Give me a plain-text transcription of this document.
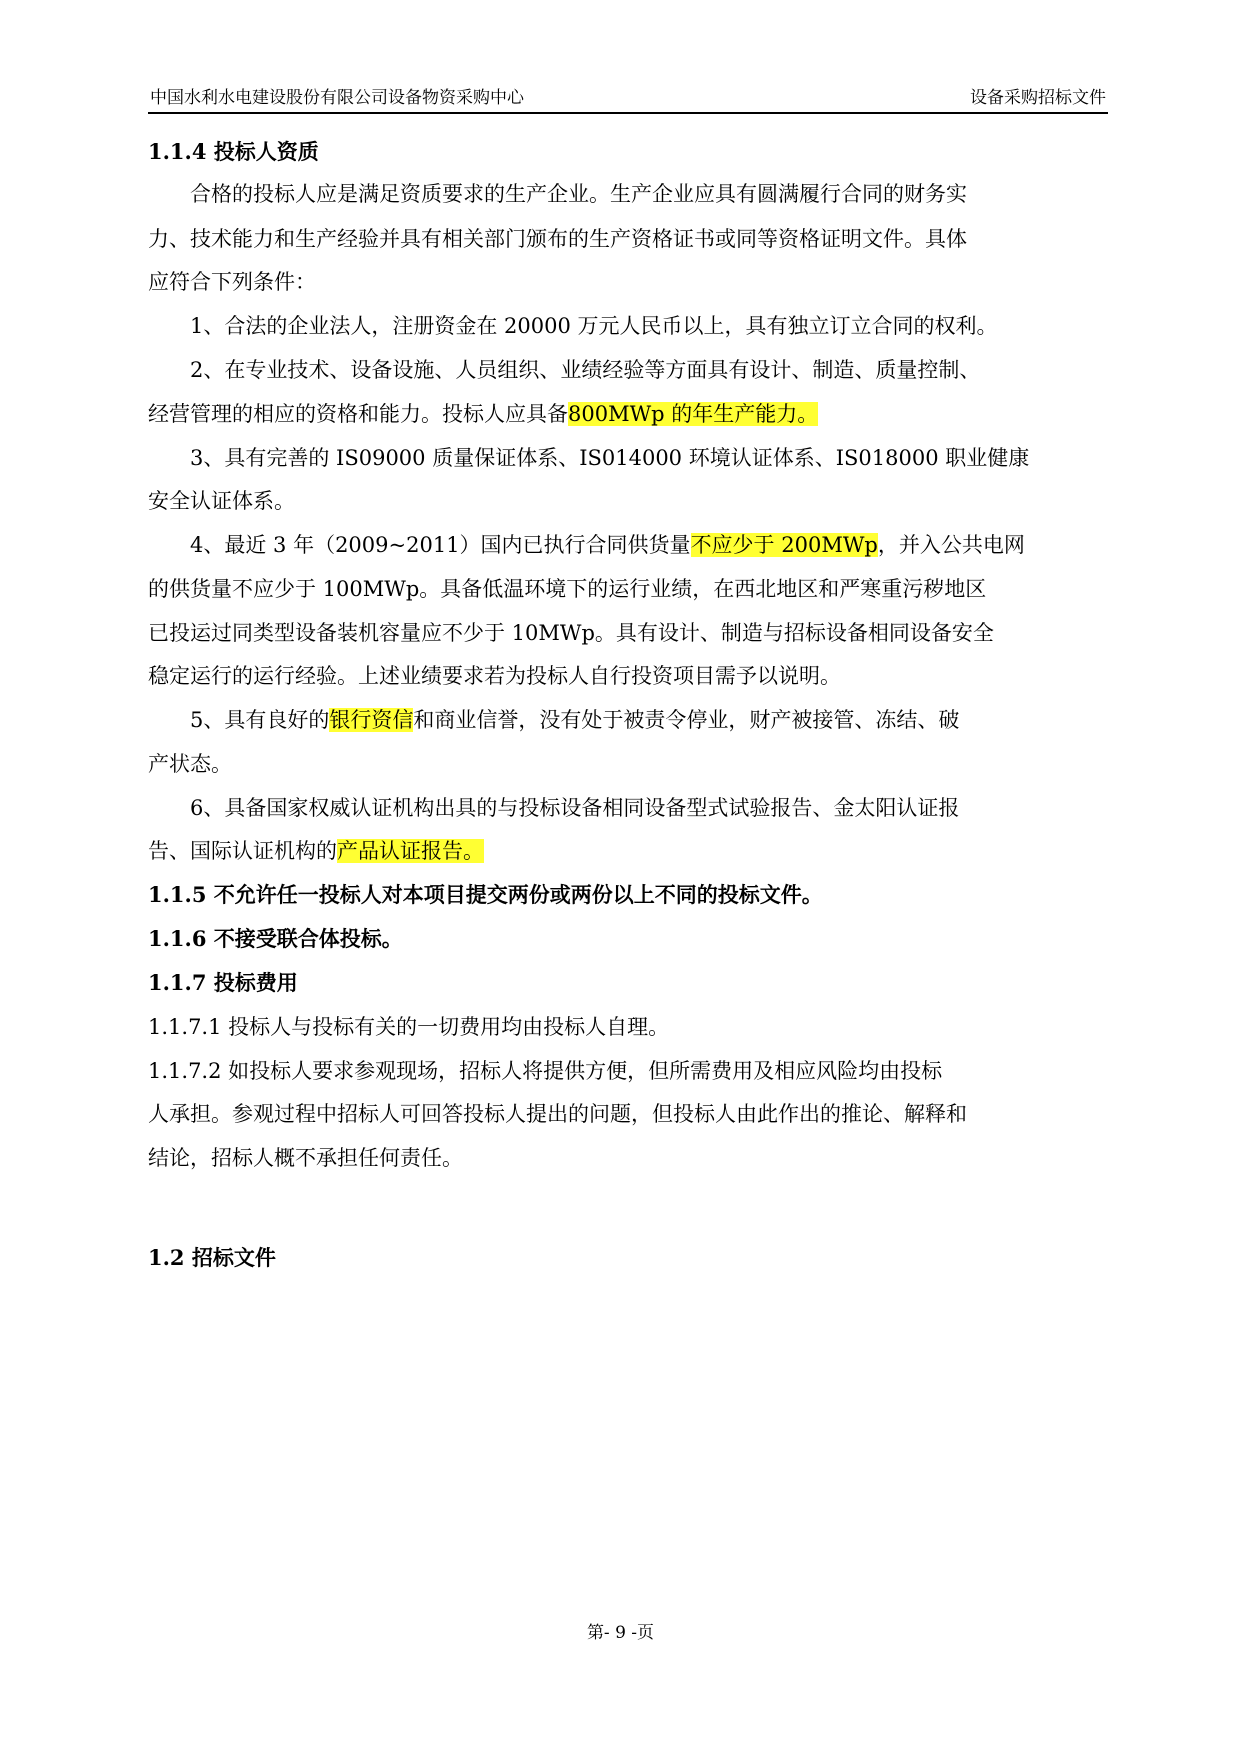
中国水利水电建设股份有限公司设备物资采购中心	设备采购招标文件
1.1.4 投标人资质
合格的投标人应是满足资质要求的生产企业。生产企业应具有圆满履行合同的财务实
力、技术能力和生产经验并具有相关部门颁布的生产资格证书或同等资格证明文件。具体
应符合下列条件：
1、合法的企业法人，注册资金在 20000 万元人民币以上，具有独立订立合同的权利。
2、在专业技术、设备设施、人员组织、业绩经验等方面具有设计、制造、质量控制、
经营管理的相应的资格和能力。投标人应具备800MWp 的年生产能力。
3、具有完善的 IS09000 质量保证体系、IS014000 环境认证体系、IS018000 职业健康
安全认证体系。
4、最近 3 年（2009~2011）国内已执行合同供货量不应少于 200MWp，并入公共电网
的供货量不应少于 100MWp。具备低温环境下的运行业绩，在西北地区和严寒重污秽地区
已投运过同类型设备装机容量应不少于 10MWp。具有设计、制造与招标设备相同设备安全
稳定运行的运行经验。上述业绩要求若为投标人自行投资项目需予以说明。
5、具有良好的银行资信和商业信誉，没有处于被责令停业，财产被接管、冻结、破
产状态。
6、具备国家权威认证机构出具的与投标设备相同设备型式试验报告、金太阳认证报
告、国际认证机构的产品认证报告。
1.1.5 不允许任一投标人对本项目提交两份或两份以上不同的投标文件。
1.1.6 不接受联合体投标。
1.1.7 投标费用
1.1.7.1 投标人与投标有关的一切费用均由投标人自理。
1.1.7.2 如投标人要求参观现场，招标人将提供方便，但所需费用及相应风险均由投标
人承担。参观过程中招标人可回答投标人提出的问题，但投标人由此作出的推论、解释和
结论，招标人概不承担任何责任。
1.2 招标文件
第- 9 -页
